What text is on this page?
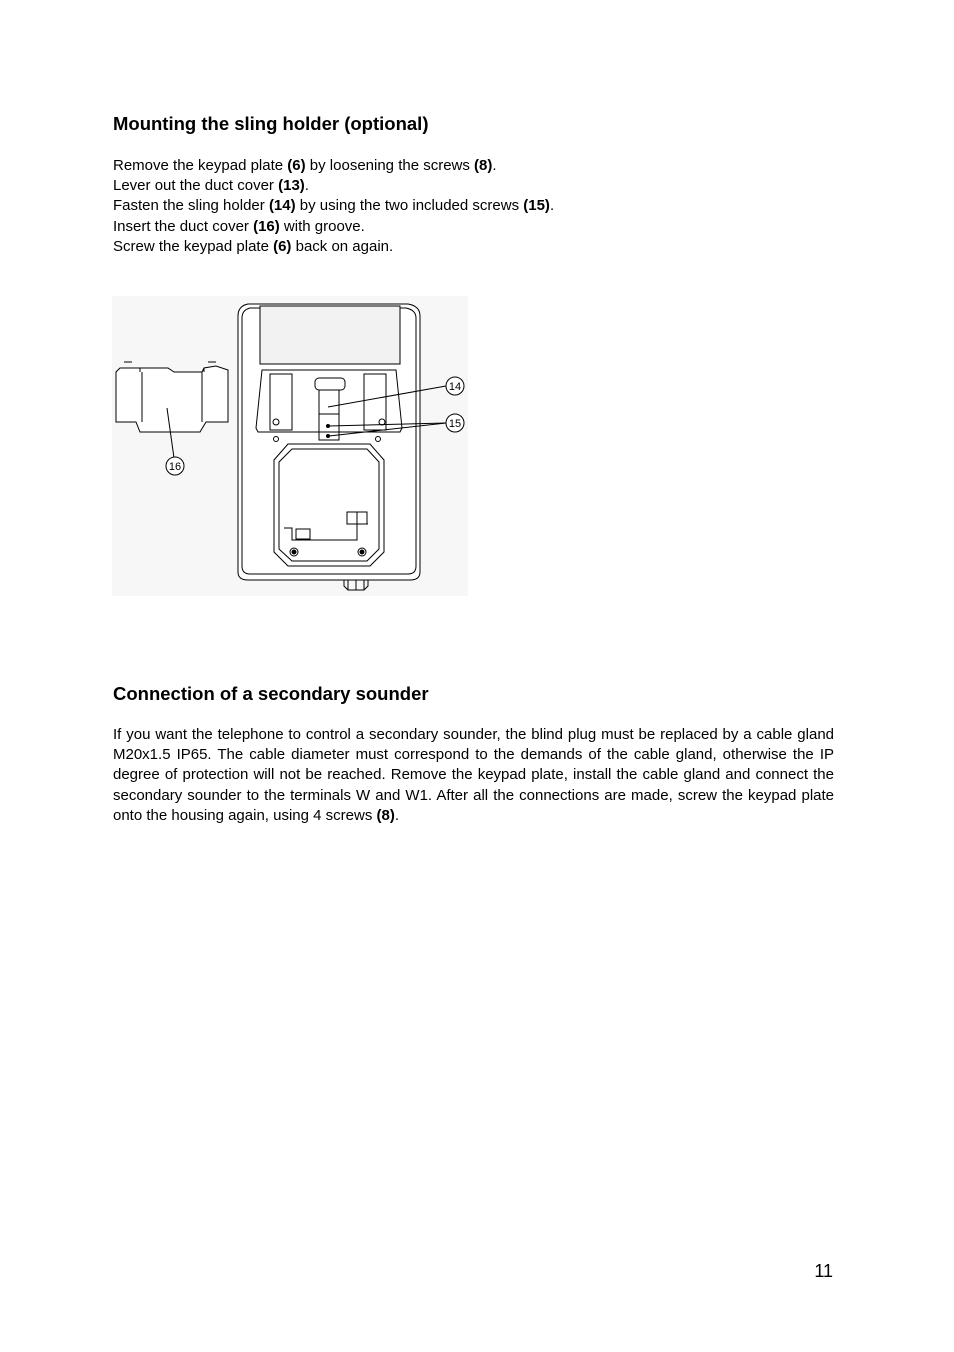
Mounting the sling holder (optional)
Remove the keypad plate (6) by loosening the screws (8).
Lever out the duct cover (13).
Fasten the sling holder (14) by using the two included screws (15).
Insert the duct cover (16) with groove.
Screw the keypad plate (6) back on again.
14
15
16
Connection of a secondary sounder

If you want the telephone to control a secondary sounder, the blind plug must be replaced by a cable gland M20x1.5 IP65. The cable diameter must correspond to the demands of the cable gland, otherwise the IP degree of protection will not be reached. Remove the keypad plate, install the cable gland and connect the secondary sounder to the terminals W and W1. After all the connections are made, screw the keypad plate onto the housing again, using 4 screws (8).

11
